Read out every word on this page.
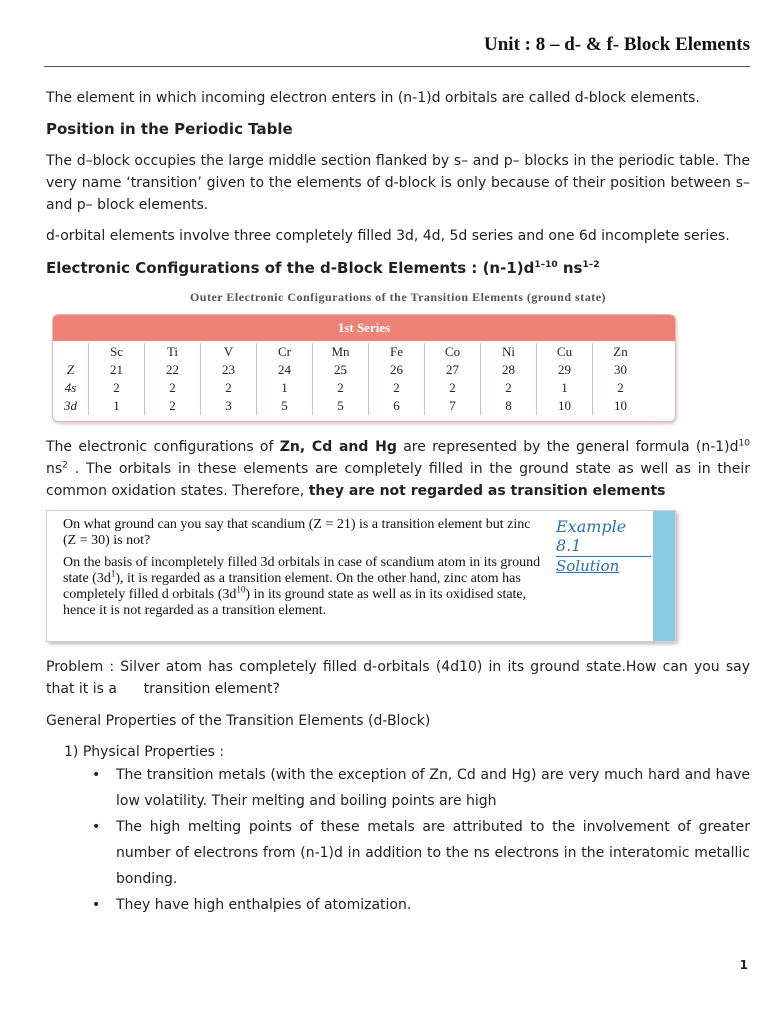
Unit : 8 – d- & f- Block Elements
The element in which incoming electron enters in (n-1)d orbitals are called d-block elements.
Position in the Periodic Table
The d–block occupies the large middle section flanked by s– and p– blocks in the periodic table. The very name ‘transition’ given to the elements of d-block is only because of their position between s– and p– block elements.
d-orbital elements involve three completely filled 3d, 4d, 5d series and one 6d incomplete series.
Electronic Configurations of the d-Block Elements : $(n-1)d^{1-10}$ $ns^{1-2}$
Outer Electronic Configurations of the Transition Elements (ground state)
1st Series
	Sc	Ti	V	Cr	Mn	Fe	Co	Ni	Cu	Zn
Z	21	22	23	24	25	26	27	28	29	30
4s	2	2	2	1	2	2	2	2	1	2
3d	1	2	3	5	5	6	7	8	10	10
The electronic configurations of Zn, Cd and Hg are represented by the general formula $(n-1)d^{10}$ $ns^2$ . The orbitals in these elements are completely filled in the ground state as well as in their common oxidation states. Therefore, they are not regarded as transition elements
On what ground can you say that scandium (Z = 21) is a transition element but zinc (Z = 30) is not?
On the basis of incompletely filled 3d orbitals in case of scandium atom in its ground state $(3d^1)$, it is regarded as a transition element. On the other hand, zinc atom has completely filled d orbitals $(3d^{10})$ in its ground state as well as in its oxidised state, hence it is not regarded as a transition element.
Example 8.1
Solution
Problem : Silver atom has completely filled d-orbitals (4d10) in its ground state.How can you say that it is a      transition element?
General Properties of the Transition Elements (d-Block)
1) Physical Properties :
• The transition metals (with the exception of Zn, Cd and Hg) are very much hard and have low volatility. Their melting and boiling points are high
• The high melting points of these metals are attributed to the involvement of greater number of electrons from (n-1)d in addition to the ns electrons in the interatomic metallic bonding.
• They have high enthalpies of atomization.
1
